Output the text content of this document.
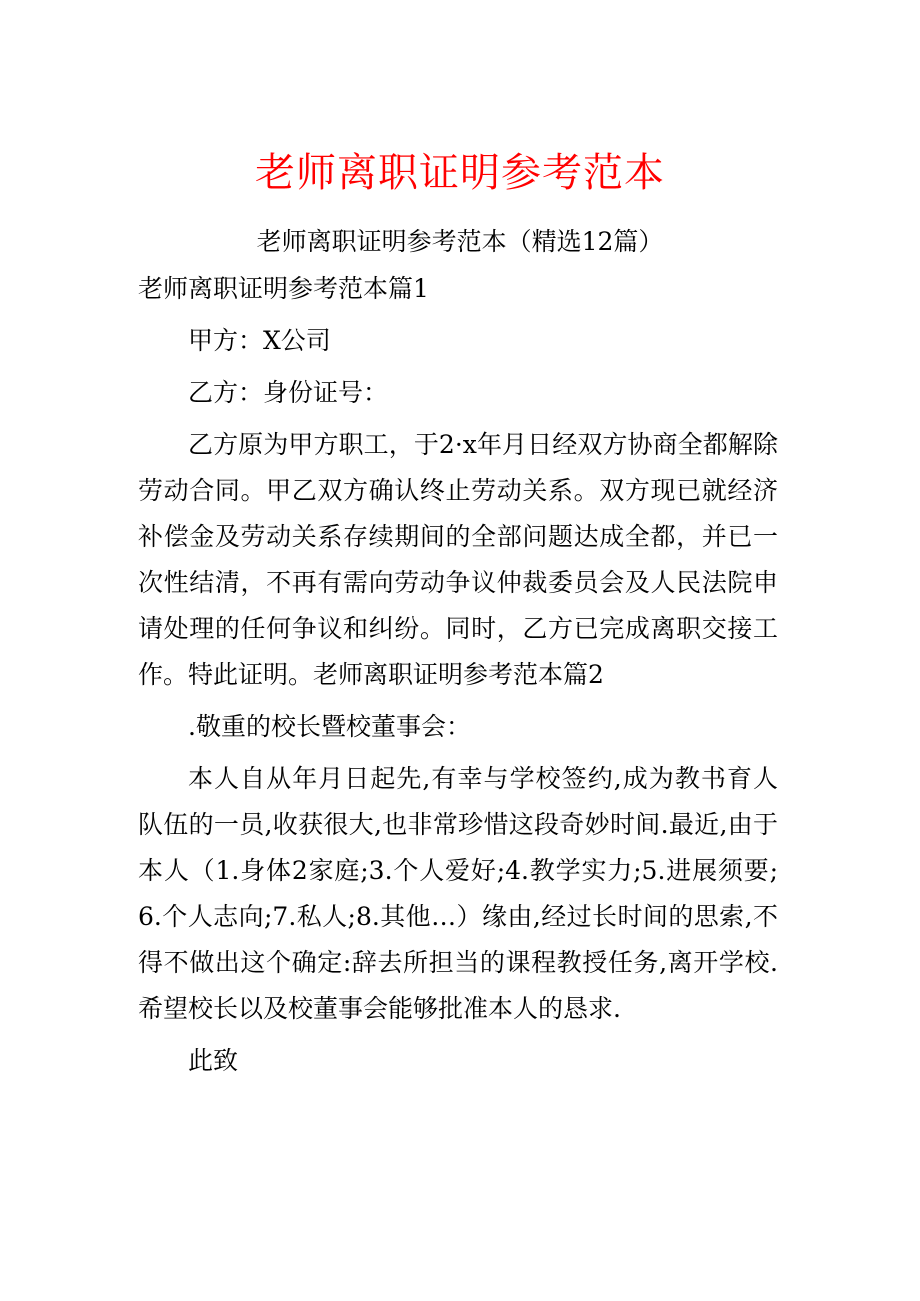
老师离职证明参考范本
老师离职证明参考范本（精选12篇）

老师离职证明参考范本篇1

甲方：X公司

乙方：身份证号：

乙方原为甲方职工，于2·x年月日经双方协商全都解除劳动合同。甲乙双方确认终止劳动关系。双方现已就经济补偿金及劳动关系存续期间的全部问题达成全都，并已一次性结清，不再有需向劳动争议仲裁委员会及人民法院申请处理的任何争议和纠纷。同时，乙方已完成离职交接工作。特此证明。老师离职证明参考范本篇2

.敬重的校长暨校董事会：

本人自从年月日起先,有幸与学校签约,成为教书育人队伍的一员,收获很大,也非常珍惜这段奇妙时间.最近,由于本人（1.身体2家庭;3.个人爱好;4.教学实力;5.进展须要;6.个人志向;7.私人;8.其他…）缘由,经过长时间的思索,不得不做出这个确定:辞去所担当的课程教授任务,离开学校.希望校长以及校董事会能够批准本人的恳求.

此致
